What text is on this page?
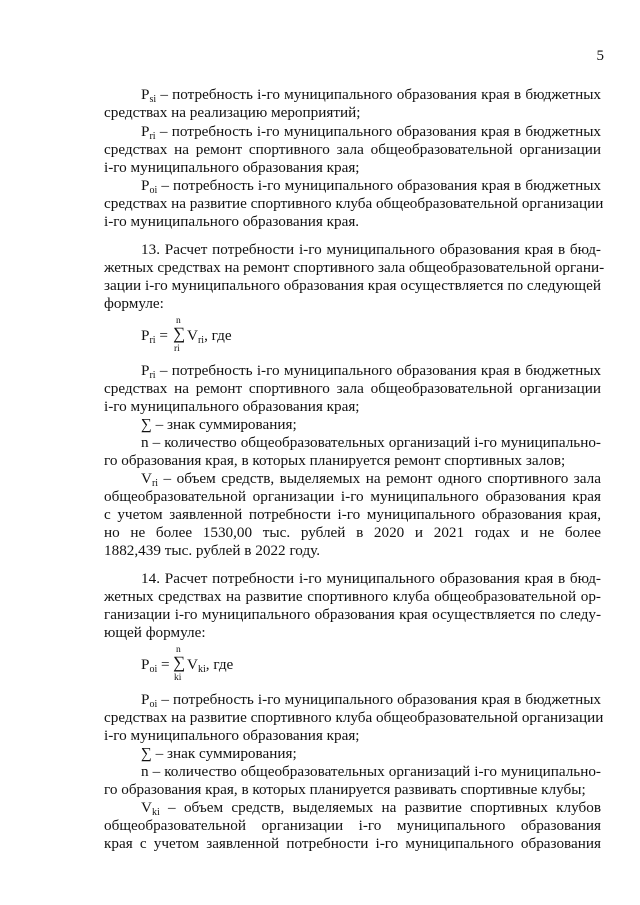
5
$P_{si}$ – потребность i-го муниципального образования края в бюджетных
средствах на реализацию мероприятий;
$P_{ri}$ – потребность i-го муниципального образования края в бюджетных
средствах на ремонт спортивного зала общеобразовательной организации
i-го муниципального образования края;
$P_{oi}$ – потребность i-го муниципального образования края в бюджетных
средствах на развитие спортивного клуба общеобразовательной организации
i-го муниципального образования края.
13. Расчет потребности i-го муниципального образования края в бюд-
жетных средствах на ремонт спортивного зала общеобразовательной органи-
зации i-го муниципального образования края осуществляется по следующей
формуле:
$P_{ri}$ =
n
∑
ri
$V_{ri}$, где
$P_{ri}$ – потребность i-го муниципального образования края в бюджетных
средствах на ремонт спортивного зала общеобразовательной организации
i-го муниципального образования края;
∑ – знак суммирования;
n – количество общеобразовательных организаций i-го муниципально-
го образования края, в которых планируется ремонт спортивных залов;
$V_{ri}$ – объем средств, выделяемых на ремонт одного спортивного зала
общеобразовательной организации i-го муниципального образования края
с учетом заявленной потребности i-го муниципального образования края,
но не более 1530,00 тыс. рублей в 2020 и 2021 годах и не более
1882,439 тыс. рублей в 2022 году.
14. Расчет потребности i-го муниципального образования края в бюд-
жетных средствах на развитие спортивного клуба общеобразовательной ор-
ганизации i-го муниципального образования края осуществляется по следу-
ющей формуле:
$P_{oi}$ =
n
∑
ki
$V_{ki}$, где
$P_{oi}$ – потребность i-го муниципального образования края в бюджетных
средствах на развитие спортивного клуба общеобразовательной организации
i-го муниципального образования края;
∑ – знак суммирования;
n – количество общеобразовательных организаций i-го муниципально-
го образования края, в которых планируется развивать спортивные клубы;
$V_{ki}$ – объем средств, выделяемых на развитие спортивных клубов
общеобразовательной организации i-го муниципального образования
края с учетом заявленной потребности i-го муниципального образования
